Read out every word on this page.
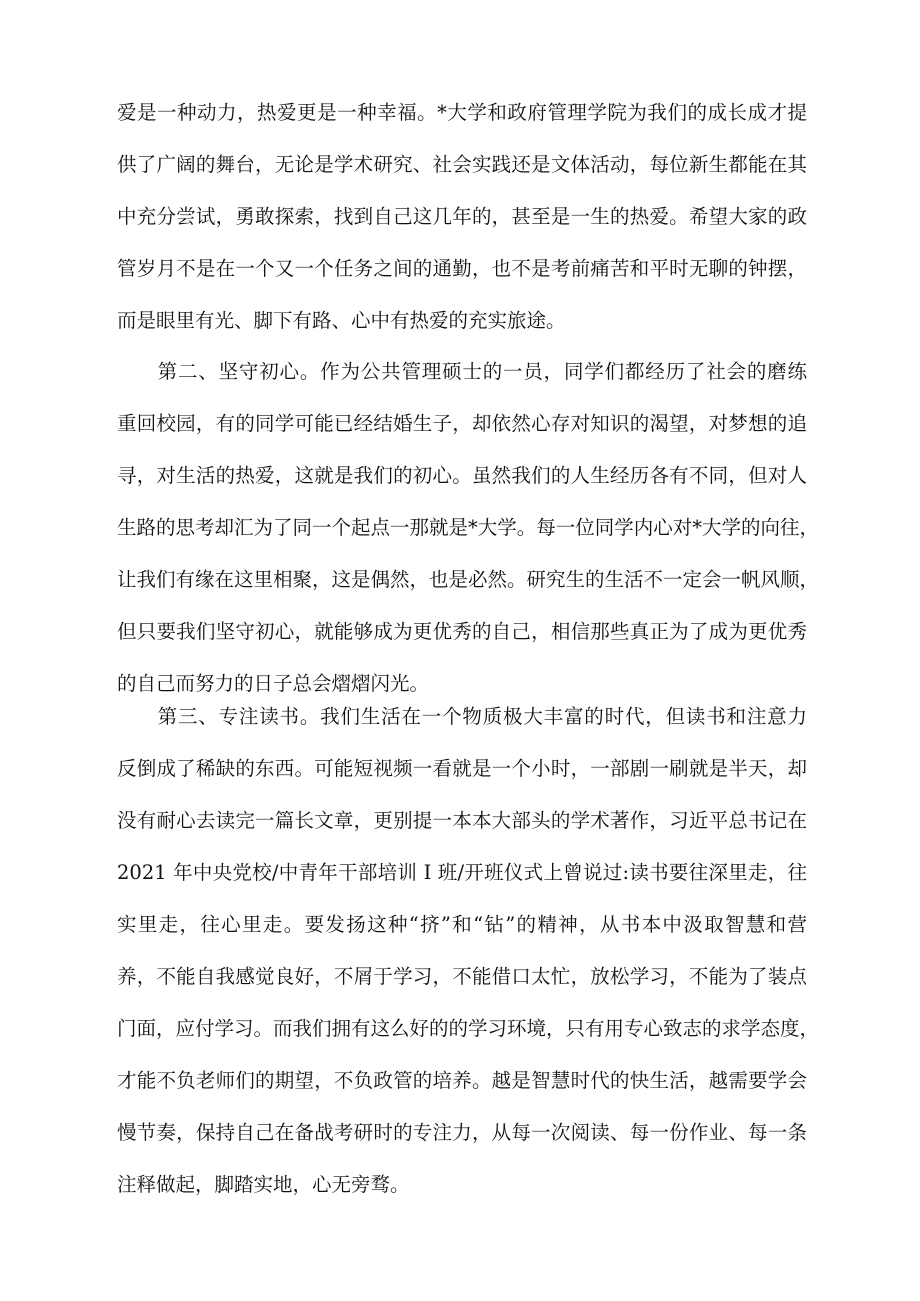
爱是一种动力，热爱更是一种幸福。*大学和政府管理学院为我们的成长成才提
供了广阔的舞台，无论是学术研究、社会实践还是文体活动，每位新生都能在其
中充分尝试，勇敢探索，找到自己这几年的，甚至是一生的热爱。希望大家的政
管岁月不是在一个又一个任务之间的通勤，也不是考前痛苦和平时无聊的钟摆，
而是眼里有光、脚下有路、心中有热爱的充实旅途。
　　第二、坚守初心。作为公共管理硕士的一员，同学们都经历了社会的磨练
重回校园，有的同学可能已经结婚生子，却依然心存对知识的渴望，对梦想的追
寻，对生活的热爱，这就是我们的初心。虽然我们的人生经历各有不同，但对人
生路的思考却汇为了同一个起点一那就是*大学。每一位同学内心对*大学的向往，
让我们有缘在这里相聚，这是偶然，也是必然。研究生的生活不一定会一帆风顺，
但只要我们坚守初心，就能够成为更优秀的自己，相信那些真正为了成为更优秀
的自己而努力的日子总会熠熠闪光。
　　第三、专注读书。我们生活在一个物质极大丰富的时代，但读书和注意力
反倒成了稀缺的东西。可能短视频一看就是一个小时，一部剧一刷就是半天，却
没有耐心去读完一篇长文章，更别提一本本大部头的学术著作，习近平总书记在
2021 年中央党校/中青年干部培训 I 班/开班仪式上曾说过:读书要往深里走，往
实里走，往心里走。要发扬这种“挤”和“钻”的精神，从书本中汲取智慧和营
养，不能自我感觉良好，不屑于学习，不能借口太忙，放松学习，不能为了装点
门面，应付学习。而我们拥有这么好的的学习环境，只有用专心致志的求学态度，
才能不负老师们的期望，不负政管的培养。越是智慧时代的快生活，越需要学会
慢节奏，保持自己在备战考研时的专注力，从每一次阅读、每一份作业、每一条
注释做起，脚踏实地，心无旁骛。
